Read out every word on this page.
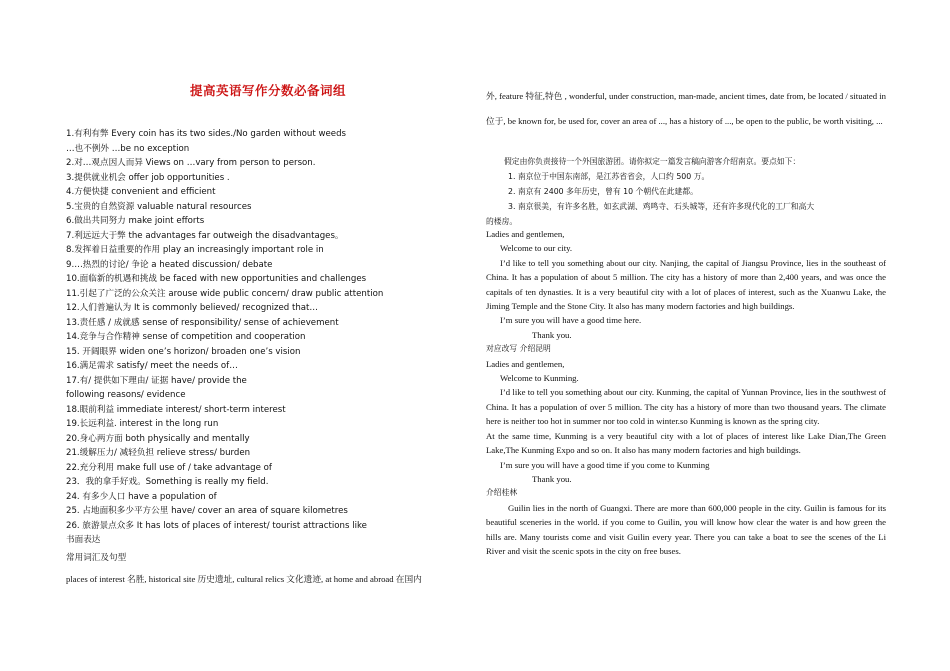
提高英语写作分数必备词组
1.有利有弊 Every coin has its two sides./No garden without weeds
…也不例外 …be no exception
2.对…观点因人而异 Views on …vary from person to person.
3.提供就业机会 offer job opportunities .
4.方便快捷 convenient and efficient
5.宝贵的自然资源 valuable natural resources
6.做出共同努力 make joint efforts
7.利远远大于弊 the advantages far outweigh the disadvantages。
8.发挥着日益重要的作用 play an increasingly important role in
9.…热烈的讨论/ 争论 a heated discussion/ debate
10.面临新的机遇和挑战 be faced with new opportunities and challenges
11.引起了广泛的公众关注 arouse wide public concern/ draw public attention
12.人们普遍认为 It is commonly believed/ recognized that…
13.责任感 / 成就感 sense of responsibility/ sense of achievement
14.竞争与合作精神 sense of competition and cooperation
15. 开阔眼界 widen one’s horizon/ broaden one’s vision
16.满足需求 satisfy/ meet the needs of…
17.有/ 提供如下理由/ 证据 have/ provide the
following reasons/ evidence
18.眼前利益 immediate interest/ short-term interest
19.长远利益. interest in the long run
20.身心两方面 both physically and mentally
21.缓解压力/ 减轻负担 relieve stress/ burden
22.充分利用 make full use of / take advantage of
23．我的拿手好戏。Something is really my field.
24. 有多少人口 have a population of
25. 占地面积多少平方公里 have/ cover an area of square kilometres
26. 旅游景点众多 It has lots of places of interest/ tourist attractions like
书面表达
常用词汇及句型
places of interest 名胜, historical site 历史遗址, cultural relics 文化遗迹, at home and abroad 在国内
外, feature 特征,特色 , wonderful, under construction, man-made, ancient times, date from, be located / situated in 位于, be known for, be used for, cover an area of ..., has a history of ..., be open to the public, be worth visiting, ...
假定由你负责接待一个外国旅游团。请你拟定一篇发言稿向游客介绍南京。要点如下：
1. 南京位于中国东南部，是江苏省省会，人口约 500 万。
2. 南京有 2400 多年历史，曾有 10 个朝代在此建都。
3. 南京很美，有许多名胜，如玄武湖、鸡鸣寺、石头城等，还有许多现代化的工厂和高大
的楼房。

Ladies and gentlemen,

Welcome to our city.

I’d like to tell you something about our city. Nanjing, the capital of Jiangsu Province, lies in the southeast of China. It has a population of about 5 million. The city has a history of more than 2,400 years, and was once the capitals of ten dynasties. It is a very beautiful city with a lot of places of interest, such as the Xuanwu Lake, the Jiming Temple and the Stone City. It also has many modern factories and high buildings.

I’m sure you will have a good time here.

Thank you.

对应改写 介绍昆明

Ladies and gentlemen,

Welcome to Kunming.

I’d like to tell you something about our city. Kunming, the capital of Yunnan Province, lies in the southwest of China. It has a population of over 5 million. The city has a history of more than two thousand years. The climate here is neither too hot in summer nor too cold in winter.so Kunming is known as the spring city.

At the same time, Kunming is a very beautiful city with a lot of places of interest like Lake Dian,The Green Lake,The Kunming Expo and so on. It also has many modern factories and high buildings.

I’m sure you will have a good time if you come to Kunming

Thank you.

介绍桂林

Guilin lies in the north of Guangxi. There are more than 600,000 people in the city. Guilin is famous for its beautiful sceneries in the world. if you come to Guilin, you will know how clear the water is and how green the hills are. Many tourists come and visit Guilin every year. There you can take a boat to see the scenes of the Li River and visit the scenic spots in the city on free buses.
